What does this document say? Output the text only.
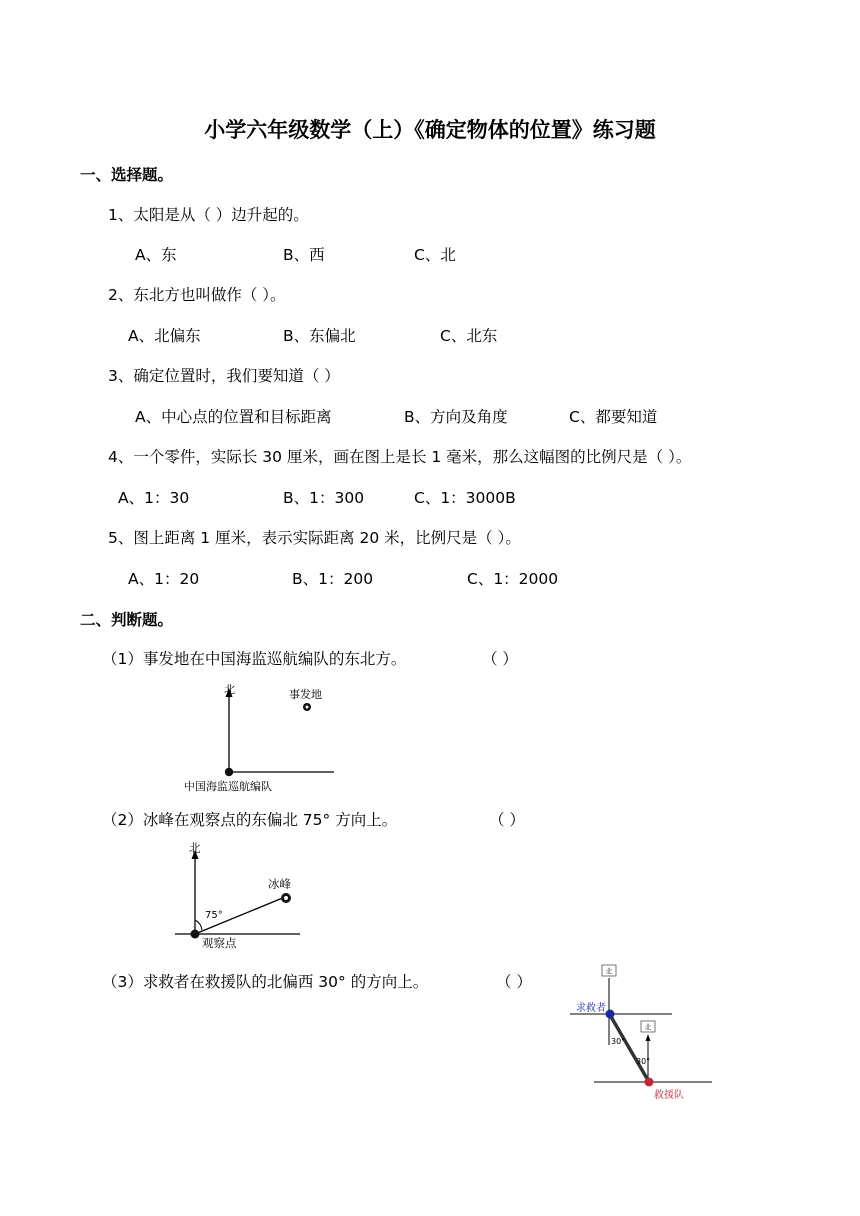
小学六年级数学（上）《确定物体的位置》练习题
一、选择题。
1、太阳是从（ ）边升起的。
A、东	B、西	C、北
2、东北方也叫做作（ ）。
A、北偏东	B、东偏北	C、北东
3、确定位置时，我们要知道（ ）
A、中心点的位置和目标距离	B、方向及角度	C、都要知道
4、一个零件，实际长 30 厘米，画在图上是长 1 毫米，那么这幅图的比例尺是（ ）。
A、1：30	B、1：300	C、1：3000B
5、图上距离 1 厘米，表示实际距离 20 米，比例尺是（ ）。
A、1：20	B、1：200	C、1：2000
二、判断题。
（1）事发地在中国海监巡航编队的东北方。	（ ）
北	事发地
中国海监巡航编队
（2）冰峰在观察点的东偏北 75° 方向上。	（ ）
北
冰峰
75°
观察点
（3）求救者在救援队的北偏西 30° 的方向上。	（ ）
北
北
求救者
30°
30°
救援队
